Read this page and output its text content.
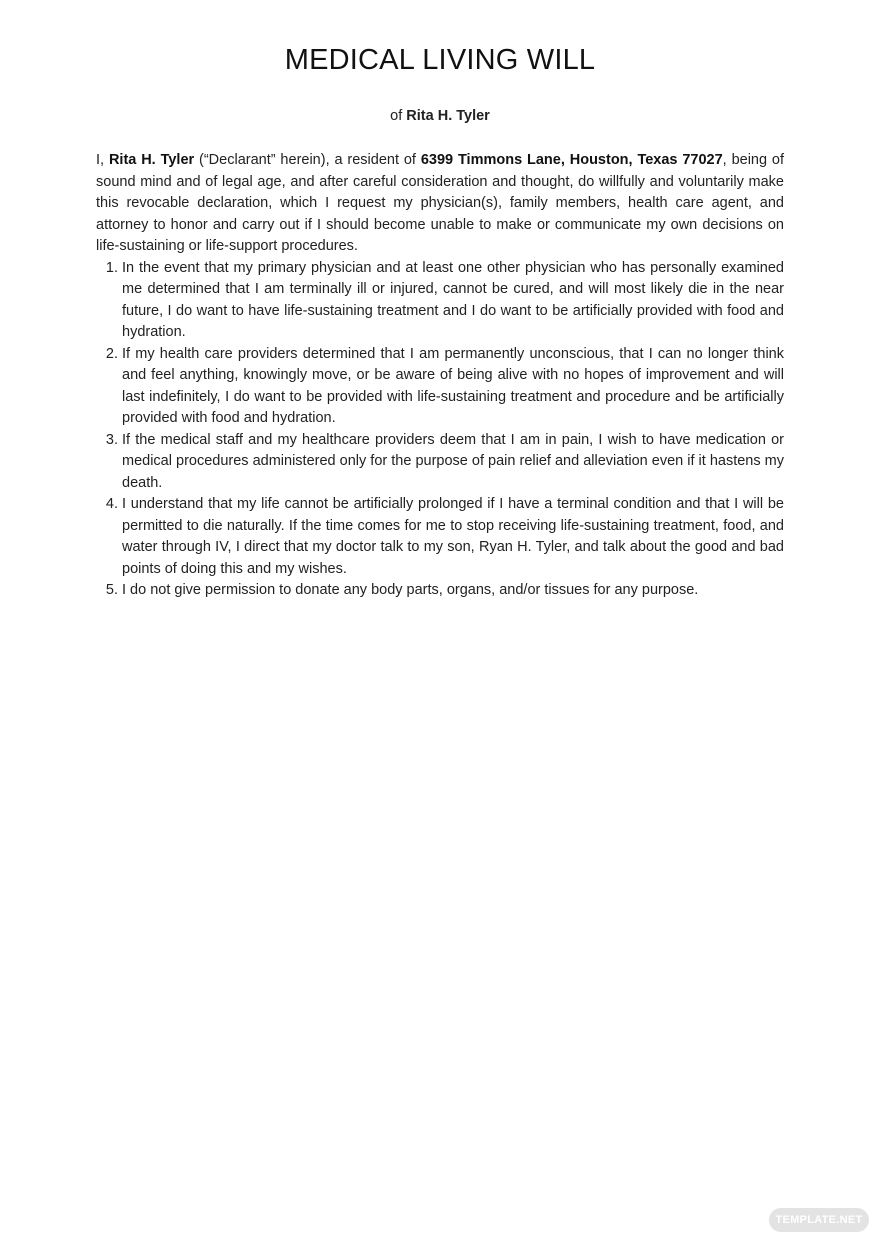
MEDICAL LIVING WILL
of Rita H. Tyler

I, Rita H. Tyler (“Declarant” herein), a resident of 6399 Timmons Lane, Houston, Texas 77027, being of sound mind and of legal age, and after careful consideration and thought, do willfully and voluntarily make this revocable declaration, which I request my physician(s), family members, health care agent, and attorney to honor and carry out if I should become unable to make or communicate my own decisions on life-sustaining or life-support procedures.

1. In the event that my primary physician and at least one other physician who has personally examined me determined that I am terminally ill or injured, cannot be cured, and will most likely die in the near future, I do want to have life-sustaining treatment and I do want to be artificially provided with food and hydration.
2. If my health care providers determined that I am permanently unconscious, that I can no longer think and feel anything, knowingly move, or be aware of being alive with no hopes of improvement and will last indefinitely, I do want to be provided with life-sustaining treatment and procedure and be artificially provided with food and hydration.
3. If the medical staff and my healthcare providers deem that I am in pain, I wish to have medication or medical procedures administered only for the purpose of pain relief and alleviation even if it hastens my death.
4. I understand that my life cannot be artificially prolonged if I have a terminal condition and that I will be permitted to die naturally. If the time comes for me to stop receiving life-sustaining treatment, food, and water through IV, I direct that my doctor talk to my son, Ryan H. Tyler, and talk about the good and bad points of doing this and my wishes.
5. I do not give permission to donate any body parts, organs, and/or tissues for any purpose.
TEMPLATE.NET
